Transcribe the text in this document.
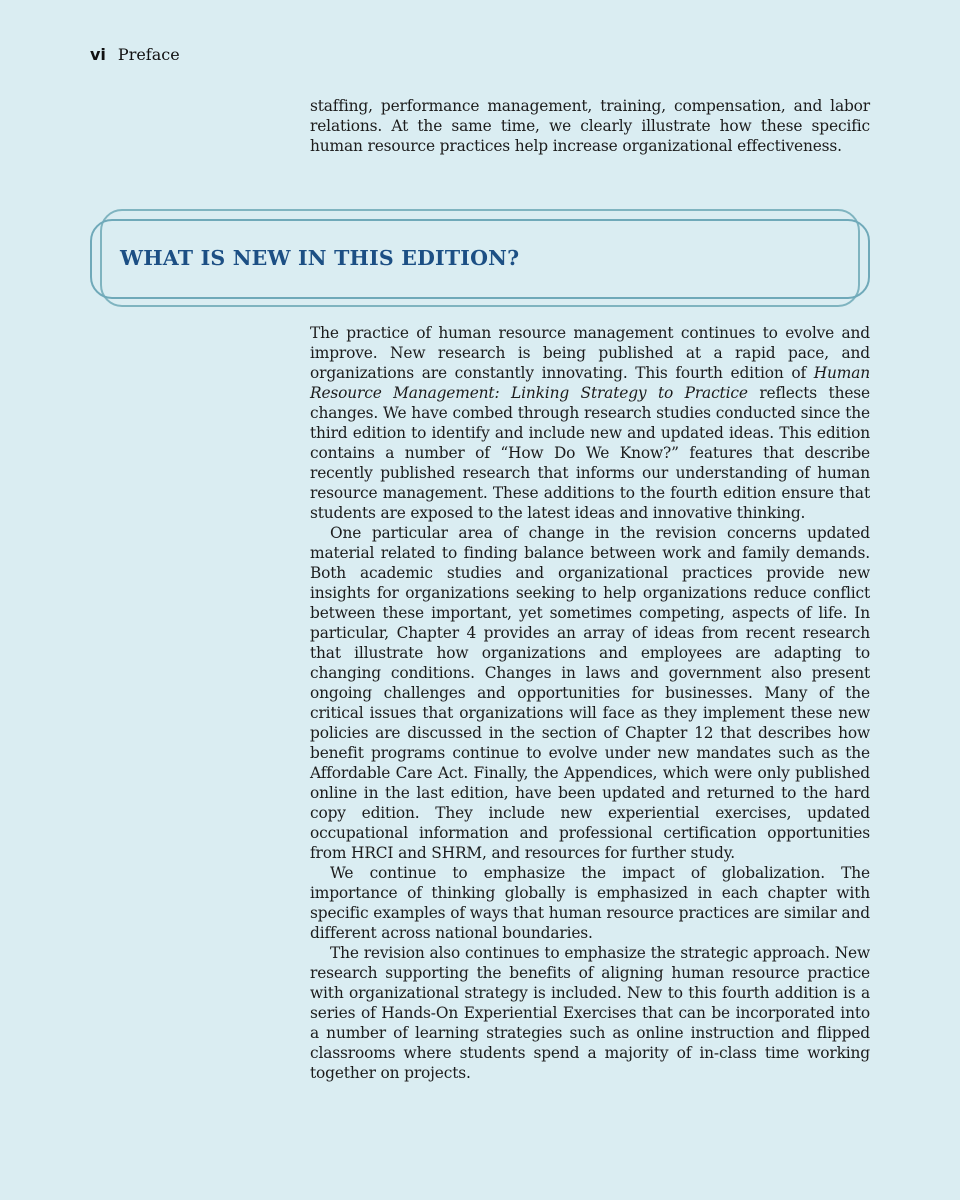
vi Preface

staffing, performance management, training, compensation, and labor relations. At the same time, we clearly illustrate how these specific human resource practices help increase organizational effectiveness.

WHAT IS NEW IN THIS EDITION?

The practice of human resource management continues to evolve and improve. New research is being published at a rapid pace, and organizations are constantly innovating. This fourth edition of Human Resource Management: Linking Strategy to Practice reflects these changes. We have combed through research studies conducted since the third edition to identify and include new and updated ideas. This edition contains a number of “How Do We Know?” features that describe recently published research that informs our understanding of human resource management. These additions to the fourth edition ensure that students are exposed to the latest ideas and innovative thinking.

One particular area of change in the revision concerns updated material related to finding balance between work and family demands. Both academic studies and organizational practices provide new insights for organizations seeking to help organizations reduce conflict between these important, yet sometimes competing, aspects of life. In particular, Chapter 4 provides an array of ideas from recent research that illustrate how organizations and employees are adapting to changing conditions. Changes in laws and government also present ongoing challenges and opportunities for businesses. Many of the critical issues that organizations will face as they implement these new policies are discussed in the section of Chapter 12 that describes how benefit programs continue to evolve under new mandates such as the Affordable Care Act. Finally, the Appendices, which were only published online in the last edition, have been updated and returned to the hard copy edition. They include new experiential exercises, updated occupational information and professional certification opportunities from HRCI and SHRM, and resources for further study.

We continue to emphasize the impact of globalization. The importance of thinking globally is emphasized in each chapter with specific examples of ways that human resource practices are similar and different across national boundaries.

The revision also continues to emphasize the strategic approach. New research supporting the benefits of aligning human resource practice with organizational strategy is included. New to this fourth addition is a series of Hands-On Experiential Exercises that can be incorporated into a number of learning strategies such as online instruction and flipped classrooms where students spend a majority of in-class time working together on projects.
